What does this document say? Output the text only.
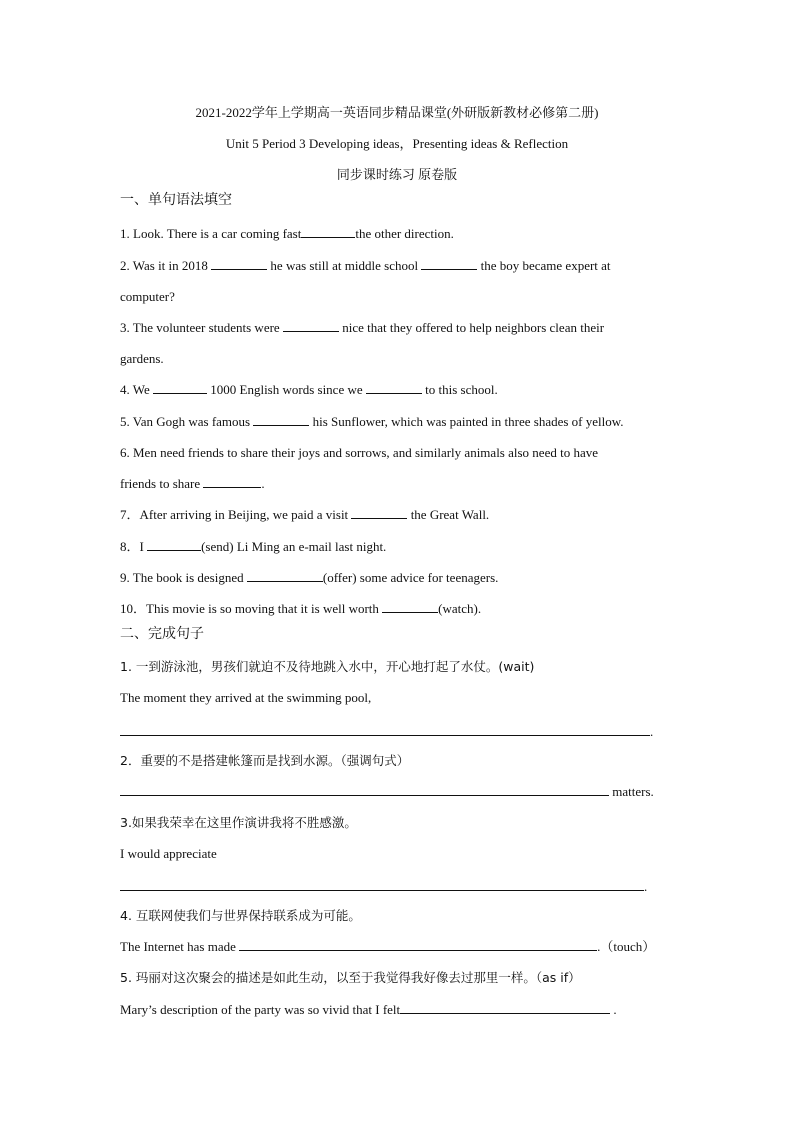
2021-2022学年上学期高一英语同步精品课堂(外研版新教材必修第二册)
Unit 5 Period 3 Developing ideas，Presenting ideas & Reflection
同步课时练习 原卷版
一、单句语法填空
1. Look. There is a car coming fast	the other direction.
2. Was it in 2018	he was still at middle school	the boy became expert at
computer?
3. The volunteer students were	nice that they offered to help neighbors clean their
gardens.
4. We	1000 English words since we	to this school.
5. Van Gogh was famous	his Sunflower, which was painted in three shades of yellow.
6. Men need friends to share their joys and sorrows, and similarly animals also need to have
friends to share	.
7．After arriving in Beijing, we paid a visit	the Great Wall.
8．I	(send) Li Ming an e-mail last night.
9. The book is designed	(offer) some advice for teenagers.
10．This movie is so moving that it is well worth	(watch).
二、完成句子
1. 一到游泳池，男孩们就迫不及待地跳入水中，开心地打起了水仗。(wait)
The moment they arrived at the swimming pool,
.
2．重要的不是搭建帐篷而是找到水源。（强调句式）
matters.
3.如果我荣幸在这里作演讲我将不胜感激。
I would appreciate
.
4. 互联网使我们与世界保持联系成为可能。
The Internet has made	.（touch）
5. 玛丽对这次聚会的描述是如此生动，以至于我觉得我好像去过那里一样。（as if）
Mary’s description of the party was so vivid that I felt	.
